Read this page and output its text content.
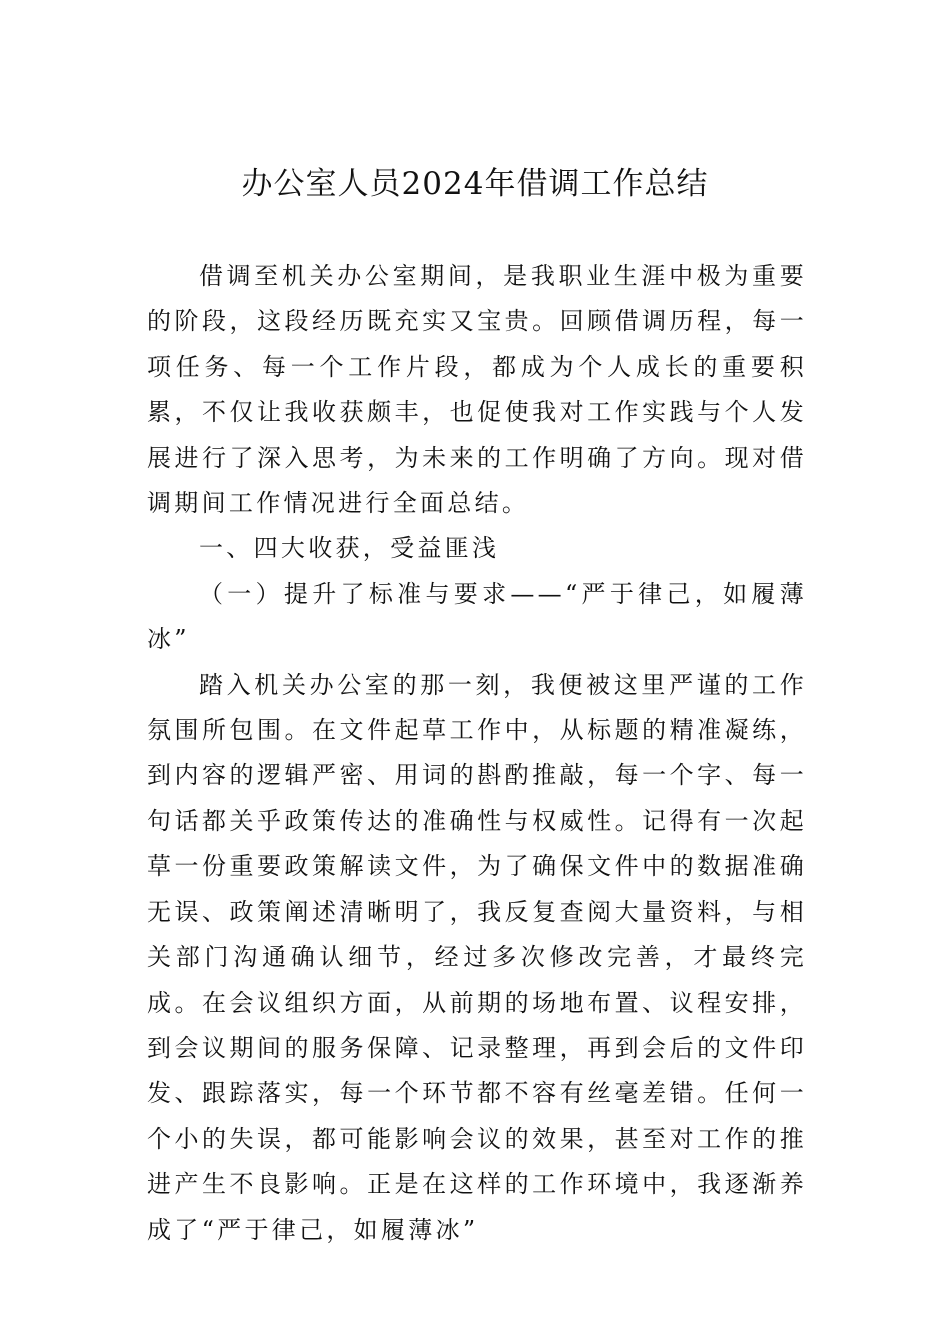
办公室人员2024年借调工作总结

借调至机关办公室期间，是我职业生涯中极为重要的阶段，这段经历既充实又宝贵。回顾借调历程，每一项任务、每一个工作片段，都成为个人成长的重要积累，不仅让我收获颇丰，也促使我对工作实践与个人发展进行了深入思考，为未来的工作明确了方向。现对借调期间工作情况进行全面总结。

一、四大收获，受益匪浅

（一）提升了标准与要求——“严于律己，如履薄冰”

踏入机关办公室的那一刻，我便被这里严谨的工作氛围所包围。在文件起草工作中，从标题的精准凝练，到内容的逻辑严密、用词的斟酌推敲，每一个字、每一句话都关乎政策传达的准确性与权威性。记得有一次起草一份重要政策解读文件，为了确保文件中的数据准确无误、政策阐述清晰明了，我反复查阅大量资料，与相关部门沟通确认细节，经过多次修改完善，才最终完成。在会议组织方面，从前期的场地布置、议程安排，到会议期间的服务保障、记录整理，再到会后的文件印发、跟踪落实，每一个环节都不容有丝毫差错。任何一个小的失误，都可能影响会议的效果，甚至对工作的推进产生不良影响。正是在这样的工作环境中，我逐渐养成了“严于律己，如履薄冰”
